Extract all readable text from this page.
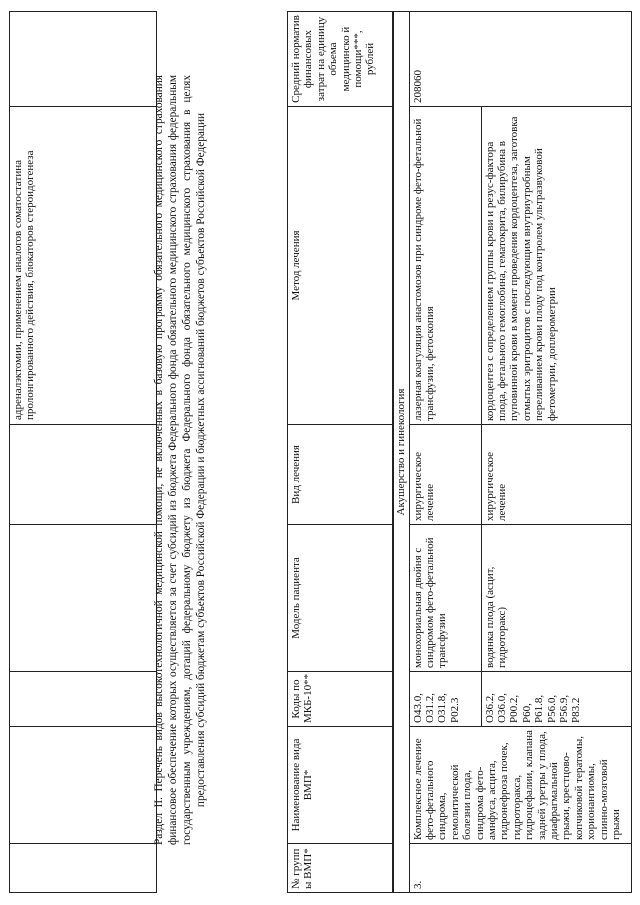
					адреналэктомии, применением аналогов соматостатина пролонгированного действия, блокаторов стероидогенеза		Раздел II. Перечень видов высокотехнологичной медицинской помощи, не включенных в базовую программу обязательного медицинского страхования финансовое обеспечение которых осуществляется за счет субсидий из бюджета Федерального фонда обязательного медицинского страхования федеральным государственным учреждениям, дотаций федеральному бюджету из бюджета Федерального фонда обязательного медицинского страхования в целях предоставления субсидий бюджетам субъектов Российской Федерации и бюджетных ассигнований бюджетов субъектов Российской Федерации
№ групп ы ВМП*	Наименование вида ВМП*	Коды по МКБ-10**	Модель пациента	Вид лечения	Метод лечения	Средний норматив финансовых затрат на единицу объема медицинско й помощи***, рублей
Акушерство и гинекология						
3.	Комплексное лечение фето-фетального синдрома, гемолитической болезни плода, синдрома фето-амнфуса, асцита, гидронефроза почек, гидроторакса, гидроцефалии, клапана задней уретры у плода, диафрагмальной грыжи, крестцово-копчиковой тератомы, хорионангиомы, спинно-мозговой грыжи	O43.0, O31.2, O31.8, P02.3	монохориальная двойня с синдромом фето-фетальной трансфузии	хирургическое лечение	лазерная коагуляция анастомозов при синдроме фето-фетальной трансфузии, фетоскопия	208060
		O36.2, O36.0, P00.2, P60, P61.8, P56.0, P56.9, P83.2	водянка плода (асцит, гидроторакс)	хирургическое лечение	кордоцентез с определением группы крови и резус-фактора плода, фетального гемоглобина, гематокрита, билирубина в пуповинной крови в момент проведения кордоцентеза, заготовка отмытых эритроцитов с последующим внутриутробным переливанием крови плоду под контролем ультразвуковой фетометрии, доплерометрии	
